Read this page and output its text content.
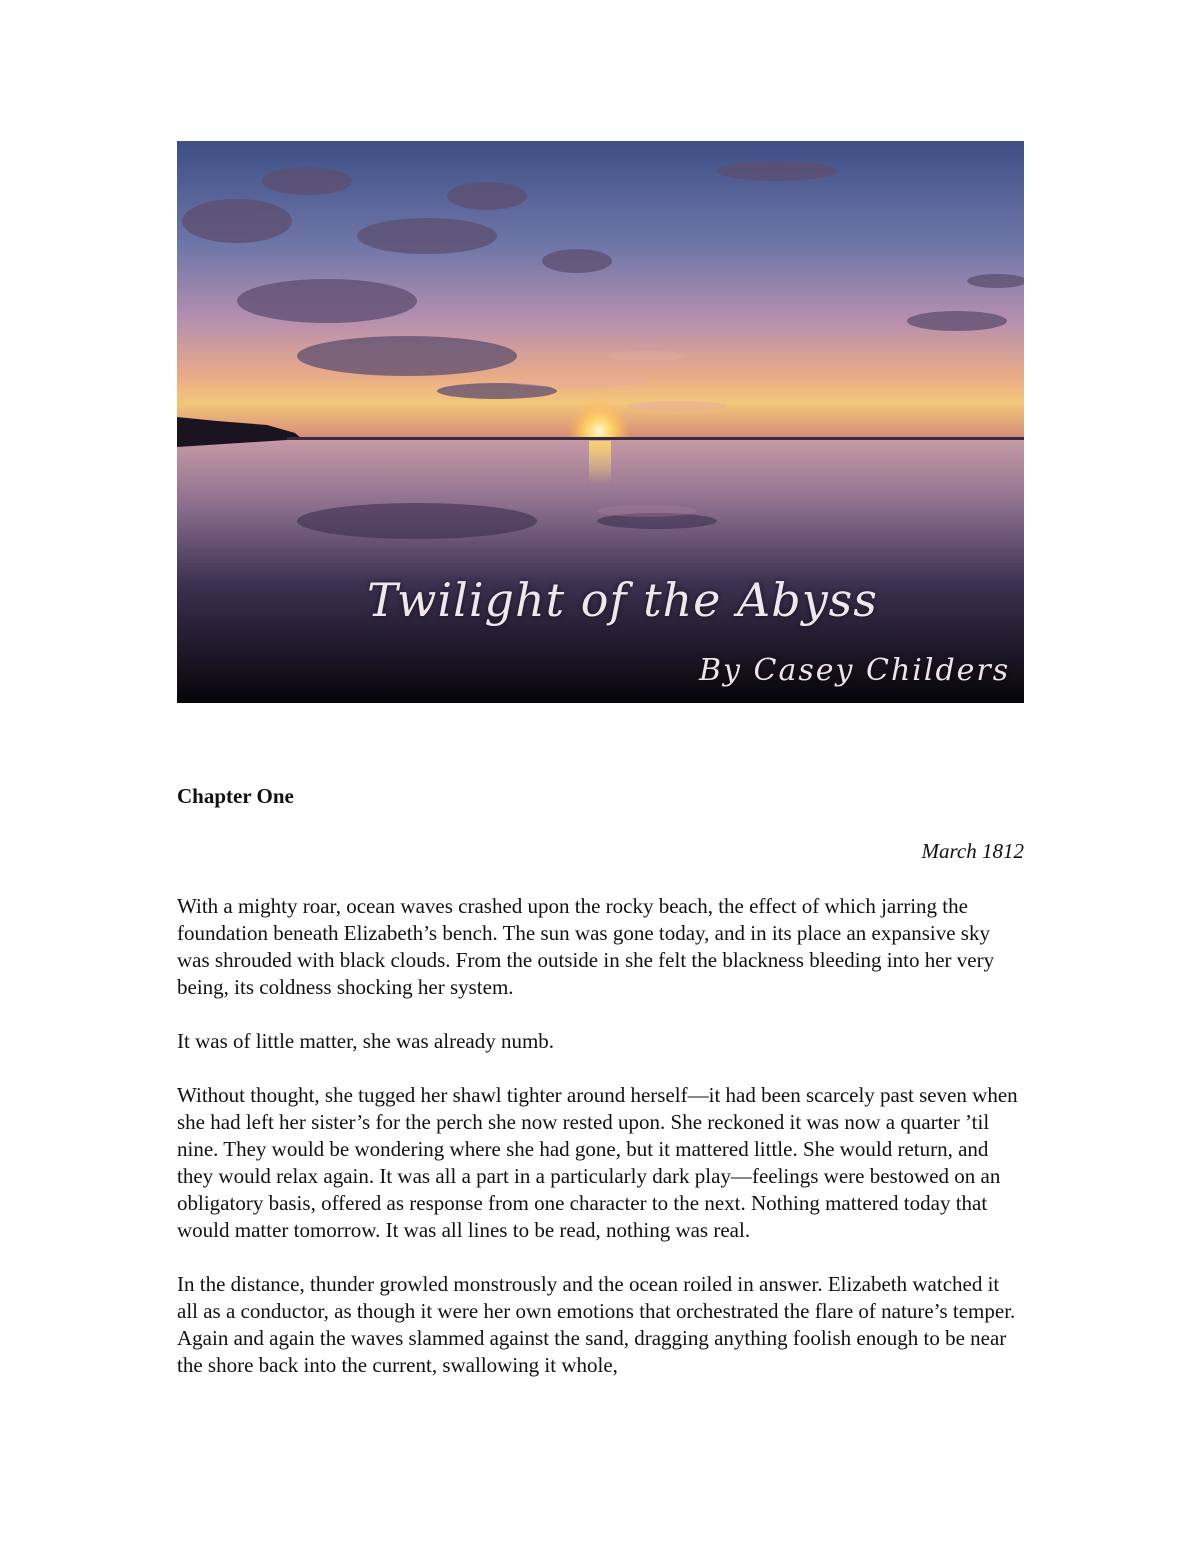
Twilight of the Abyss
By Casey Childers
Chapter One

March 1812

With a mighty roar, ocean waves crashed upon the rocky beach, the effect of which jarring the foundation beneath Elizabeth’s bench. The sun was gone today, and in its place an expansive sky was shrouded with black clouds. From the outside in she felt the blackness bleeding into her very being, its coldness shocking her system.

It was of little matter, she was already numb.

Without thought, she tugged her shawl tighter around herself—it had been scarcely past seven when she had left her sister’s for the perch she now rested upon. She reckoned it was now a quarter ’til nine. They would be wondering where she had gone, but it mattered little. She would return, and they would relax again. It was all a part in a particularly dark play—feelings were bestowed on an obligatory basis, offered as response from one character to the next. Nothing mattered today that would matter tomorrow. It was all lines to be read, nothing was real.

In the distance, thunder growled monstrously and the ocean roiled in answer. Elizabeth watched it all as a conductor, as though it were her own emotions that orchestrated the flare of nature’s temper. Again and again the waves slammed against the sand, dragging anything foolish enough to be near the shore back into the current, swallowing it whole,
